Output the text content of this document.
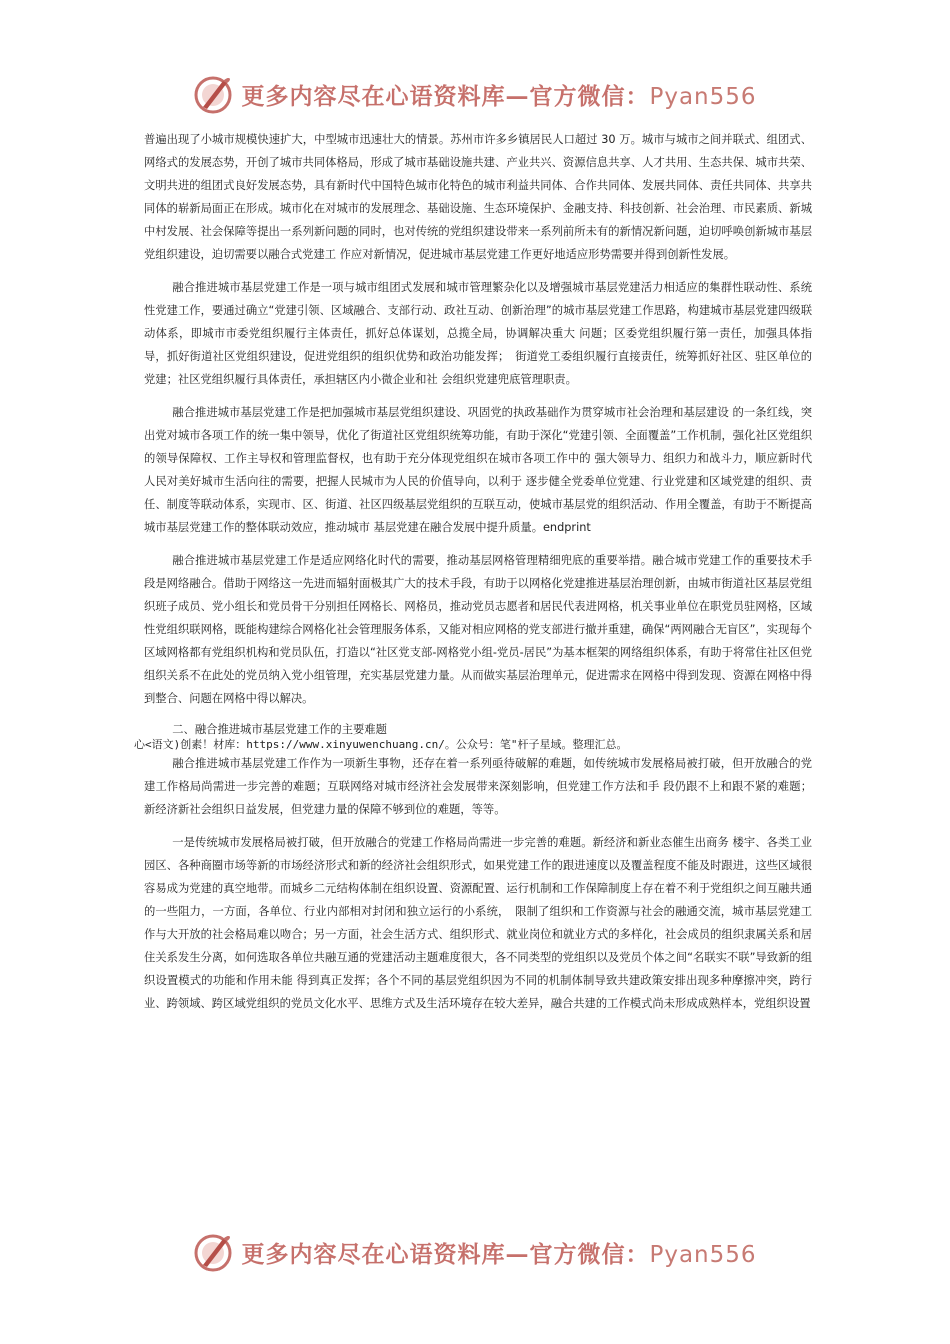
更多内容尽在心语资料库—官方微信：Pyan556

普遍出现了小城市规模快速扩大，中型城市迅速壮大的情景。苏州市许多乡镇居民人口超过 30 万。城市与城市之间并联式、组团式、网络式的发展态势，开创了城市共同体格局，形成了城市基础设施共建、产业共兴、资源信息共享、人才共用、生态共保、城市共荣、文明共进的组团式良好发展态势，具有新时代中国特色城市化特色的城市利益共同体、合作共同体、发展共同体、责任共同体、共享共同体的崭新局面正在形成。城市化在对城市的发展理念、基础设施、生态环境保护、金融支持、科技创新、社会治理、市民素质、新城中村发展、社会保障等提出一系列新问题的同时，也对传统的党组织建设带来一系列前所未有的新情况新问题，迫切呼唤创新城市基层党组织建设，迫切需要以融合式党建工 作应对新情况，促进城市基层党建工作更好地适应形势需要并得到创新性发展。

融合推进城市基层党建工作是一项与城市组团式发展和城市管理繁杂化以及增强城市基层党建活力相适应的集群性联动性、系统性党建工作，要通过确立“党建引领、区域融合、支部行动、政社互动、创新治理”的城市基层党建工作思路，构建城市基层党建四级联动体系，即城市市委党组织履行主体责任，抓好总体谋划，总揽全局，协调解决重大 问题；区委党组织履行第一责任，加强具体指导，抓好街道社区党组织建设，促进党组织的组织优势和政治功能发挥；　街道党工委组织履行直接责任，统筹抓好社区、驻区单位的党建；社区党组织履行具体责任，承担辖区内小微企业和社 会组织党建兜底管理职责。

融合推进城市基层党建工作是把加强城市基层党组织建设、巩固党的执政基础作为贯穿城市社会治理和基层建设 的一条红线，突出党对城市各项工作的统一集中领导，优化了街道社区党组织统筹功能，有助于深化“党建引领、全面覆盖”工作机制，强化社区党组织的领导保障权、工作主导权和管理监督权，也有助于充分体现党组织在城市各项工作中的 强大领导力、组织力和战斗力，顺应新时代人民对美好城市生活向往的需要，把握人民城市为人民的价值导向，以利于 逐步健全党委单位党建、行业党建和区域党建的组织、责任、制度等联动体系，实现市、区、街道、社区四级基层党组织的互联互动，使城市基层党的组织活动、作用全覆盖，有助于不断提高城市基层党建工作的整体联动效应，推动城市 基层党建在融合发展中提升质量。endprint

融合推进城市基层党建工作是适应网络化时代的需要，推动基层网格管理精细兜底的重要举措。融合城市党建工作的重要技术手段是网络融合。借助于网络这一先进而辐射面极其广大的技术手段，有助于以网格化党建推进基层治理创新，由城市街道社区基层党组织班子成员、党小组长和党员骨干分别担任网格长、网格员，推动党员志愿者和居民代表进网格，机关事业单位在职党员驻网格，区域性党组织联网格，既能构建综合网格化社会管理服务体系，又能对相应网格的党支部进行撤并重建，确保“两网融合无盲区”，实现每个区域网格都有党组织机构和党员队伍，打造以“社区党支部-网格党小组-党员-居民”为基本框架的网络组织体系，有助于将常住社区但党组织关系不在此处的党员纳入党小组管理，充实基层党建力量。从而做实基层治理单元，促进需求在网格中得到发现、资源在网格中得到整合、问题在网格中得以解决。

二、融合推进城市基层党建工作的主要难题

心<语文)创素！材库：https://www.xinyuwenchuang.cn/。公众号：笔"杆子星域。整理汇总。

融合推进城市基层党建工作作为一项新生事物，还存在着一系列亟待破解的难题，如传统城市发展格局被打破，但开放融合的党建工作格局尚需进一步完善的难题；互联网络对城市经济社会发展带来深刻影响，但党建工作方法和手 段仍跟不上和跟不紧的难题；新经济新社会组织日益发展，但党建力量的保障不够到位的难题，等等。

一是传统城市发展格局被打破，但开放融合的党建工作格局尚需进一步完善的难题。新经济和新业态催生出商务 楼宇、各类工业园区、各种商圈市场等新的市场经济形式和新的经济社会组织形式，如果党建工作的跟进速度以及覆盖程度不能及时跟进，这些区域很容易成为党建的真空地带。而城乡二元结构体制在组织设置、资源配置、运行机制和工作保障制度上存在着不利于党组织之间互融共通的一些阻力，一方面，各单位、行业内部相对封闭和独立运行的小系统，　限制了组织和工作资源与社会的融通交流，城市基层党建工作与大开放的社会格局难以吻合；另一方面，社会生活方式、组织形式、就业岗位和就业方式的多样化，社会成员的组织隶属关系和居住关系发生分离，如何选取各单位共融互通的党建活动主题难度很大，各不同类型的党组织以及党员个体之间“名联实不联”导致新的组织设置模式的功能和作用未能 得到真正发挥；各个不同的基层党组织因为不同的机制体制导致共建政策安排出现多种摩擦冲突，跨行业、跨领域、跨区域党组织的党员文化水平、思维方式及生活环境存在较大差异，融合共建的工作模式尚未形成成熟样本，党组织设置

更多内容尽在心语资料库—官方微信：Pyan556
